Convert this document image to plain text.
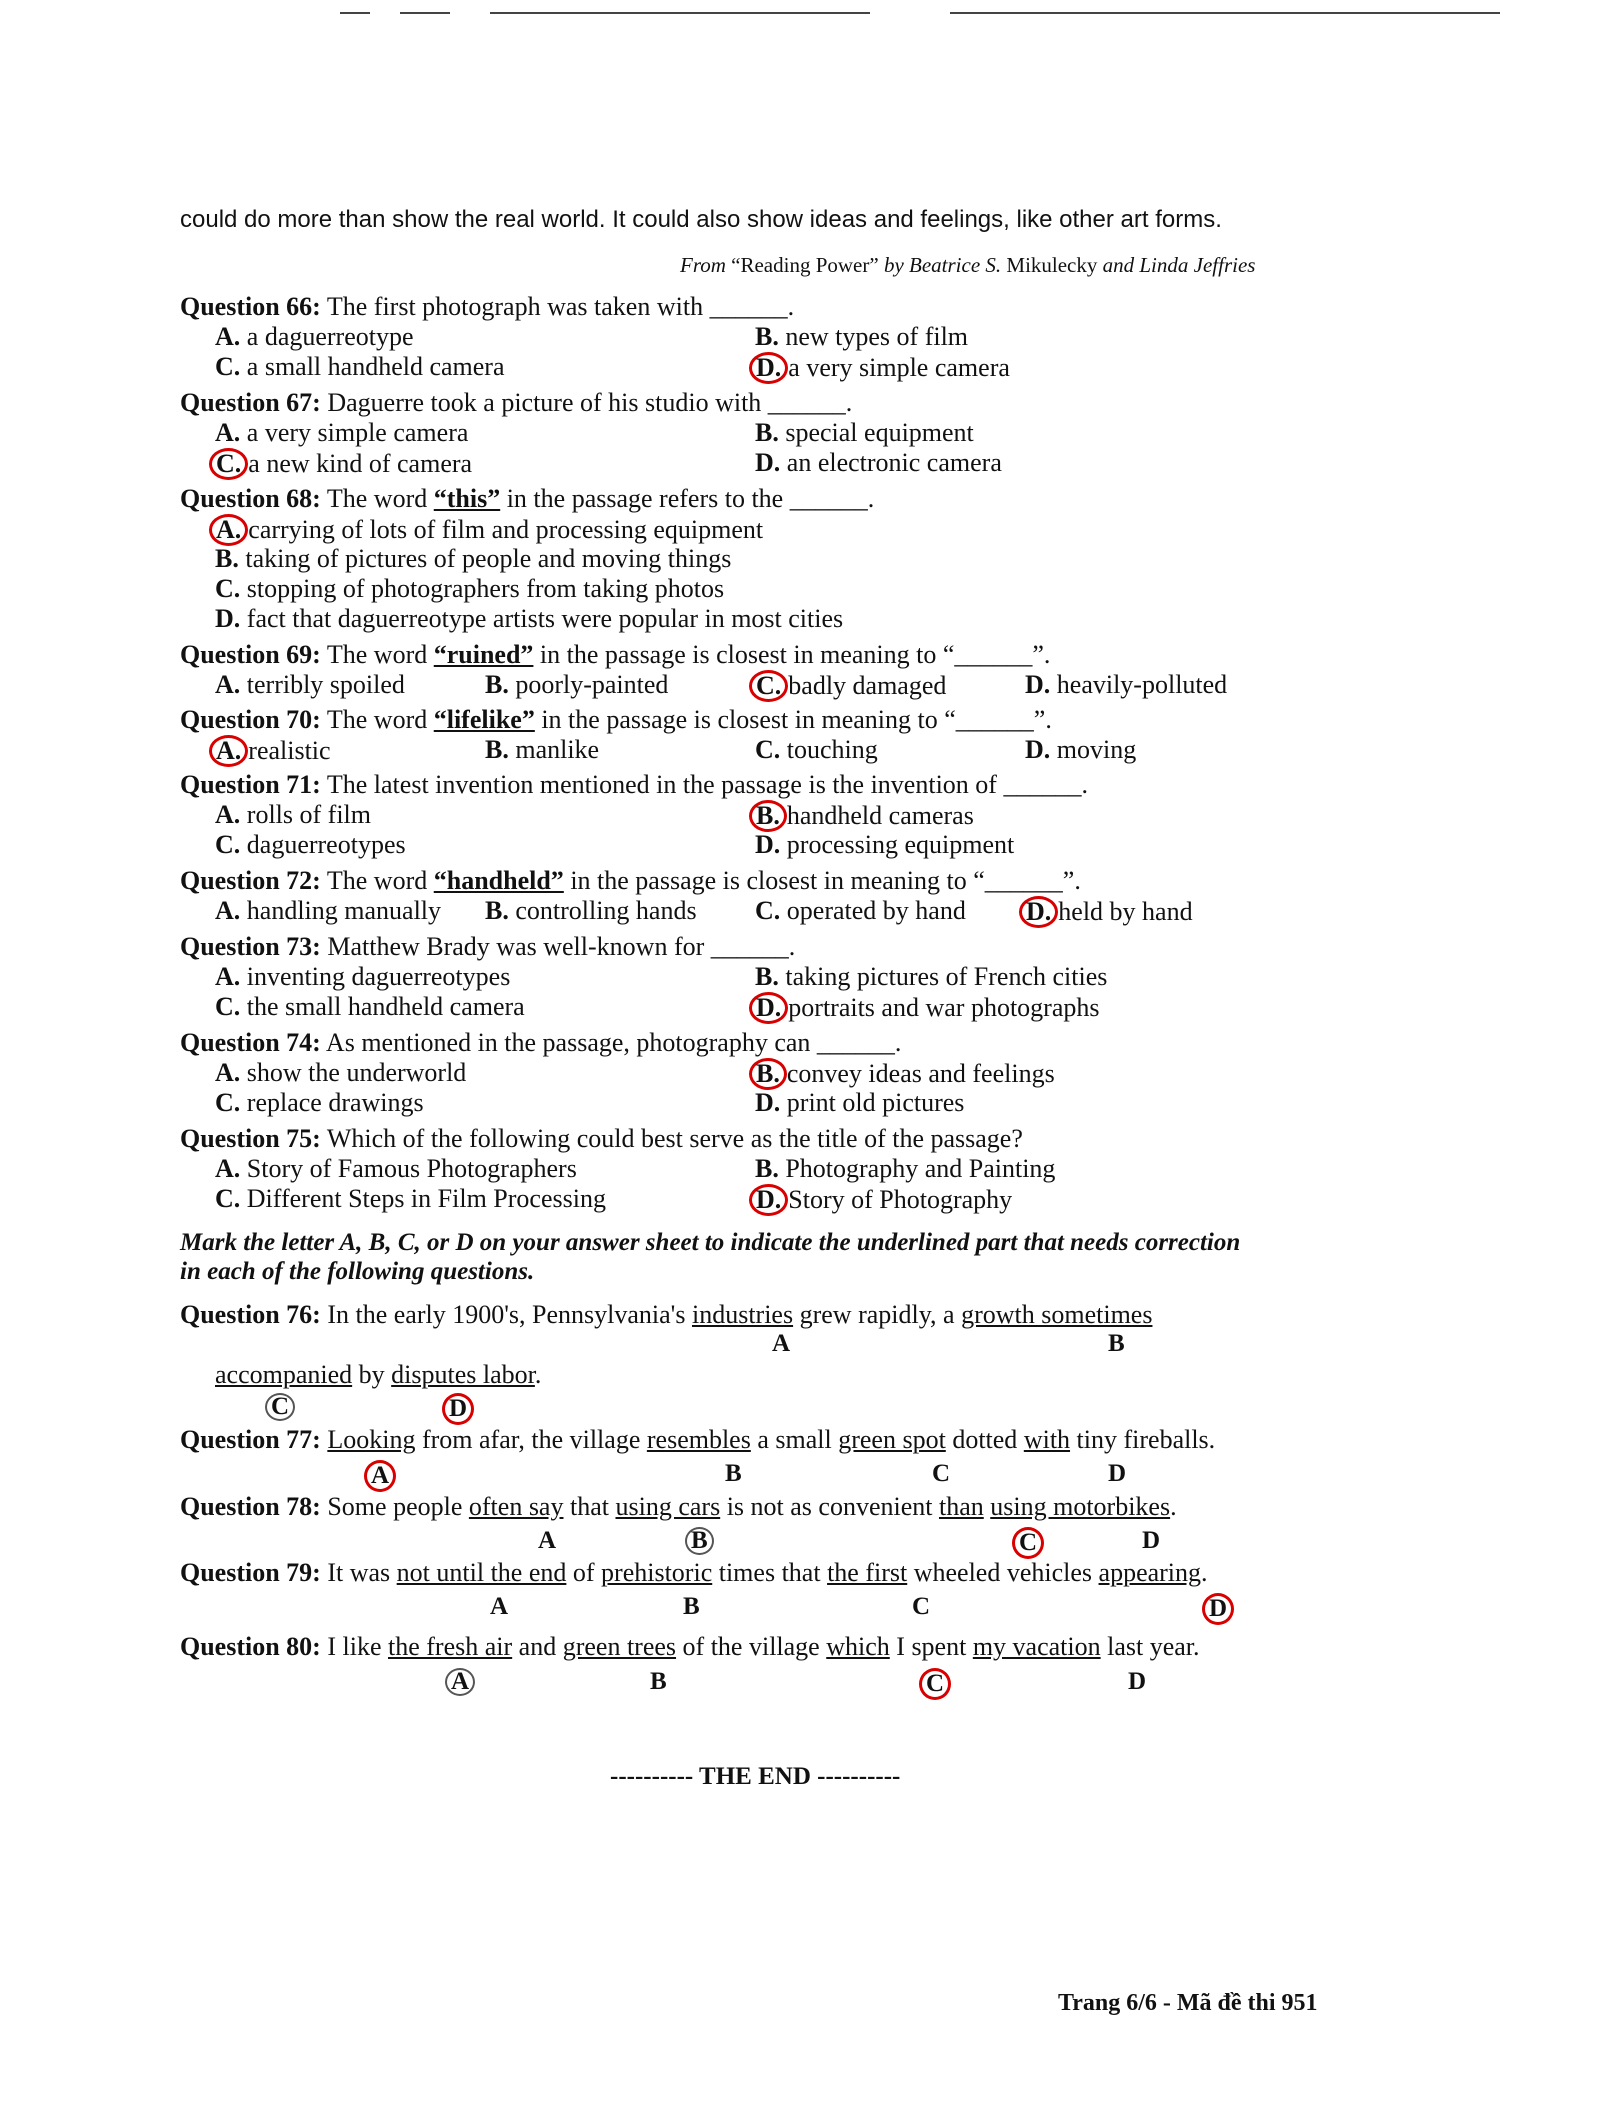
could do more than show the real world. It could also show ideas and feelings, like other art forms.
From “Reading Power” by Beatrice S. Mikulecky and Linda Jeffries
Question 66: The first photograph was taken with ______.
A. a daguerreotype	B. new types of film
C. a small handheld camera	D. a very simple camera
Question 67: Daguerre took a picture of his studio with ______.
A. a very simple camera	B. special equipment
C. a new kind of camera	D. an electronic camera
Question 68: The word “this” in the passage refers to the ______.
A. carrying of lots of film and processing equipment
B. taking of pictures of people and moving things
C. stopping of photographers from taking photos
D. fact that daguerreotype artists were popular in most cities
Question 69: The word “ruined” in the passage is closest in meaning to “______”.
A. terribly spoiled	B. poorly-painted	C. badly damaged	D. heavily-polluted
Question 70: The word “lifelike” in the passage is closest in meaning to “______”.
A. realistic	B. manlike	C. touching	D. moving
Question 71: The latest invention mentioned in the passage is the invention of ______.
A. rolls of film	B. handheld cameras
C. daguerreotypes	D. processing equipment
Question 72: The word “handheld” in the passage is closest in meaning to “______”.
A. handling manually B. controlling hands C. operated by hand D. held by hand
Question 73: Matthew Brady was well-known for ______.
A. inventing daguerreotypes	B. taking pictures of French cities
C. the small handheld camera	D. portraits and war photographs
Question 74: As mentioned in the passage, photography can ______.
A. show the underworld	B. convey ideas and feelings
C. replace drawings	D. print old pictures
Question 75: Which of the following could best serve as the title of the passage?
A. Story of Famous Photographers	B. Photography and Painting
C. Different Steps in Film Processing	D. Story of Photography
Mark the letter A, B, C, or D on your answer sheet to indicate the underlined part that needs correction in each of the following questions.
Question 76: In the early 1900's, Pennsylvania's industries grew rapidly, a growth sometimes
A	B
accompanied by disputes labor.
C	D
Question 77: Looking from afar, the village resembles a small green spot dotted with tiny fireballs.
A	B	C	D
Question 78: Some people often say that using cars is not as convenient than using motorbikes.
A	B	C	D
Question 79: It was not until the end of prehistoric times that the first wheeled vehicles appearing.
A	B	C	D
Question 80: I like the fresh air and green trees of the village which I spent my vacation last year.
A	B	C	D
---------- THE END ----------
Trang 6/6 - Mã đề thi 951
